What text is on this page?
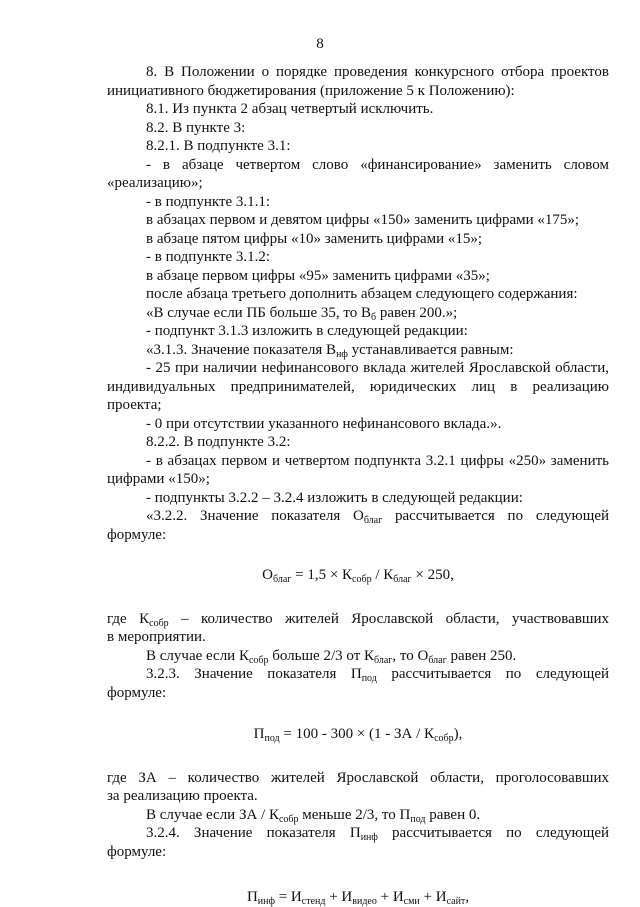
8

8. В Положении о порядке проведения конкурсного отбора проектов

инициативного бюджетирования (приложение 5 к Положению):

8.1. Из пункта 2 абзац четвертый исключить.

8.2. В пункте 3:

8.2.1. В подпункте 3.1:

- в абзаце четвертом слово «финансирование» заменить словом

«реализацию»;

- в подпункте 3.1.1:

в абзацах первом и девятом цифры «150» заменить цифрами «175»;

в абзаце пятом цифры «10» заменить цифрами «15»;

- в подпункте 3.1.2:

в абзаце первом цифры «95» заменить цифрами «35»;

после абзаца третьего дополнить абзацем следующего содержания:

«В случае если ПБ больше 35, то $В_б$ равен 200.»;

- подпункт 3.1.3 изложить в следующей редакции:

«3.1.3. Значение показателя $В_{нф}$ устанавливается равным:

- 25 при наличии нефинансового вклада жителей Ярославской области,

индивидуальных предпринимателей, юридических лиц в реализацию

проекта;

- 0 при отсутствии указанного нефинансового вклада.».

8.2.2. В подпункте 3.2:

- в абзацах первом и четвертом подпункта 3.2.1 цифры «250» заменить

цифрами «150»;

- подпункты 3.2.2 – 3.2.4 изложить в следующей редакции:

«3.2.2. Значение показателя $О_{благ}$ рассчитывается по следующей

формуле:

$О_{благ} = 1,5 \times К_{собр} / К_{благ} \times 250$,

где $К_{собр}$ – количество жителей Ярославской области, участвовавших

в мероприятии.

В случае если $К_{собр}$ больше 2/3 от $К_{благ}$, то $О_{благ}$ равен 250.

3.2.3. Значение показателя $П_{под}$ рассчитывается по следующей

формуле:

$П_{под} = 100 - 300 \times (1$ - ЗА / $К_{собр}$),

где ЗА – количество жителей Ярославской области, проголосовавших

за реализацию проекта.

В случае если ЗА / $К_{собр}$ меньше 2/3, то $П_{под}$ равен 0.

3.2.4. Значение показателя $П_{инф}$ рассчитывается по следующей

формуле:

$П_{инф} = И_{стенд} + И_{видео} + И_{сми} + И_{сайт}$,
